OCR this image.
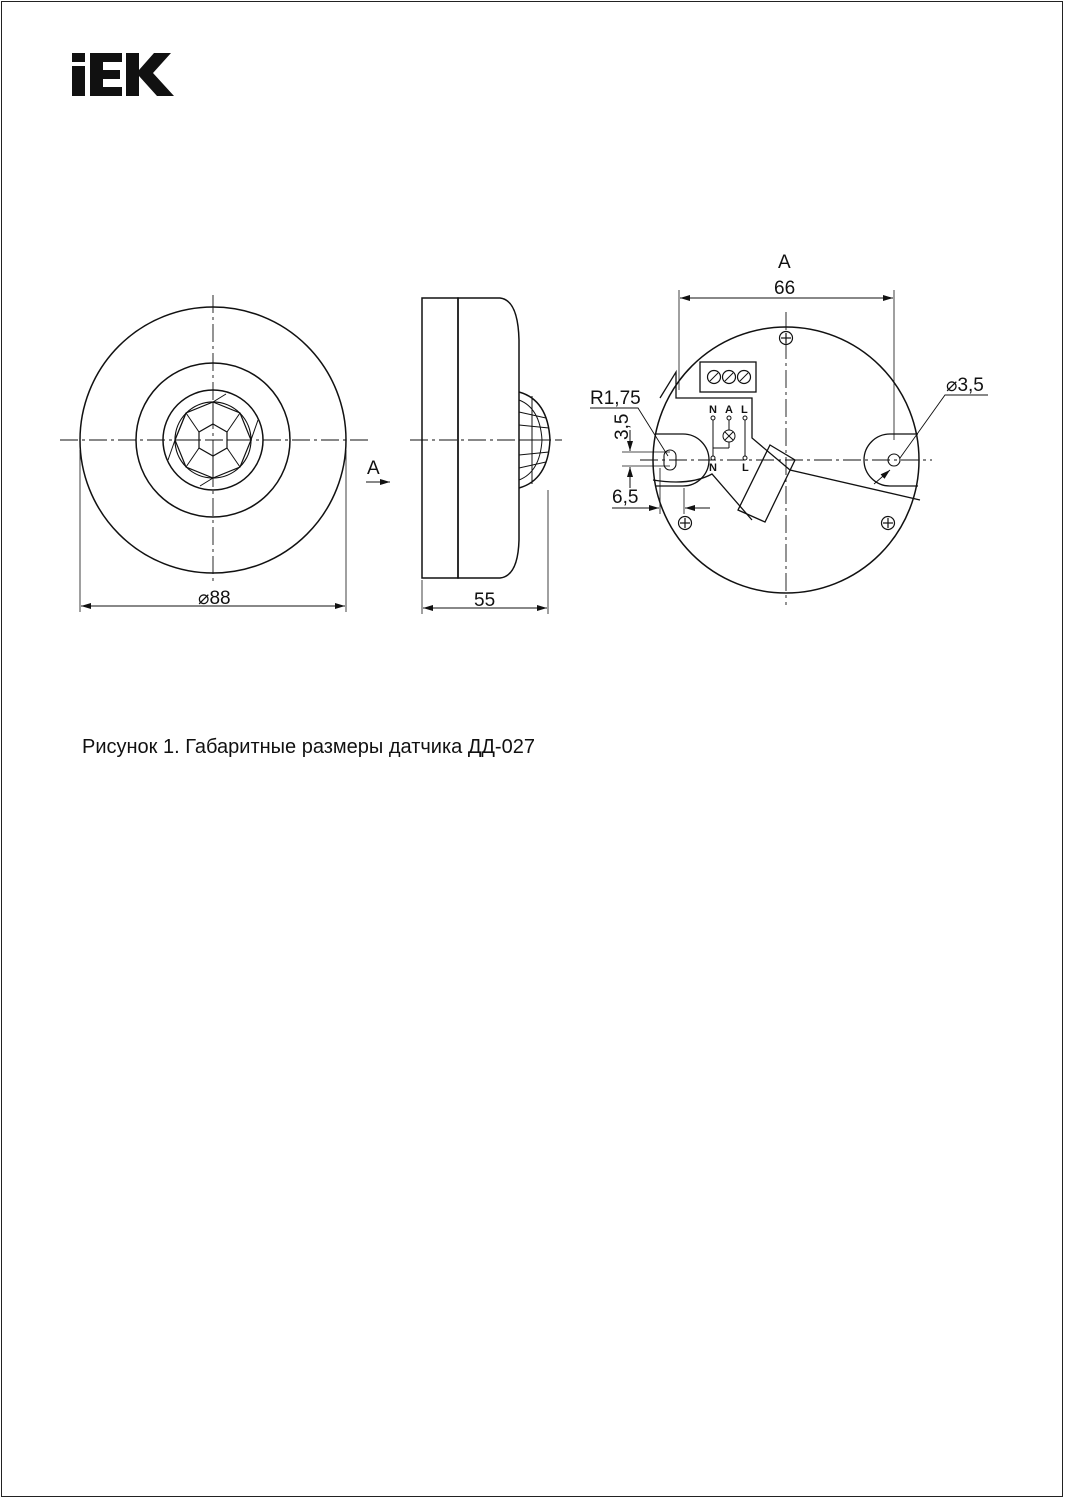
⌀88
A
55
A
66
R1,75
⌀3,5
3,5
6,5
N A L
N L
Рисунок 1. Габаритные размеры датчика ДД-027
